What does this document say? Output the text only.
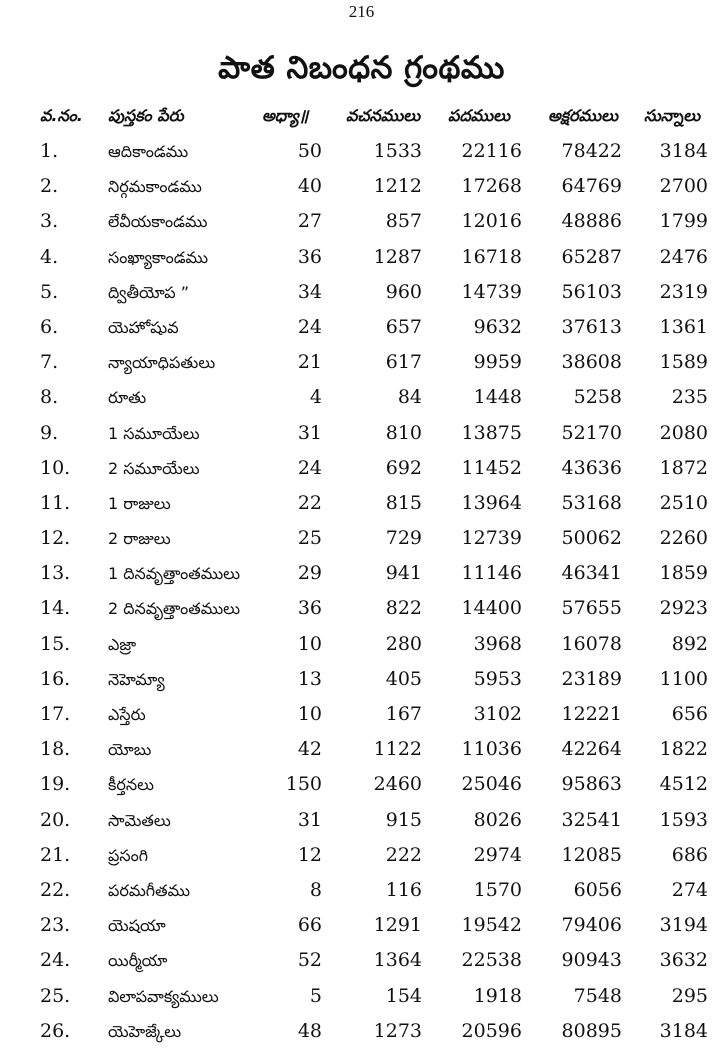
216
పాత నిబంధన గ్రంథము
వ.నం.	పుస్తకం పేరు	అధ్యా॥	వచనములు	పదములు	అక్షరములు	సున్నాలు
1.	ఆదికాండము	50	1533	22116	78422	3184
2.	నిర్గమకాండము	40	1212	17268	64769	2700
3.	లేవీయకాండము	27	857	12016	48886	1799
4.	సంఖ్యాకాండము	36	1287	16718	65287	2476
5.	ద్వితీయోప ”	34	960	14739	56103	2319
6.	యెహోషువ	24	657	9632	37613	1361
7.	న్యాయాధిపతులు	21	617	9959	38608	1589
8.	రూతు	4	84	1448	5258	235
9.	1 సమూయేలు	31	810	13875	52170	2080
10.	2 సమూయేలు	24	692	11452	43636	1872
11.	1 రాజులు	22	815	13964	53168	2510
12.	2 రాజులు	25	729	12739	50062	2260
13.	1 దినవృత్తాంతములు	29	941	11146	46341	1859
14.	2 దినవృత్తాంతములు	36	822	14400	57655	2923
15.	ఎజ్రా	10	280	3968	16078	892
16.	నెహెమ్యా	13	405	5953	23189	1100
17.	ఎస్తేరు	10	167	3102	12221	656
18.	యోబు	42	1122	11036	42264	1822
19.	కీర్తనలు	150	2460	25046	95863	4512
20.	సామెతలు	31	915	8026	32541	1593
21.	ప్రసంగి	12	222	2974	12085	686
22.	పరమగీతము	8	116	1570	6056	274
23.	యెషయా	66	1291	19542	79406	3194
24.	యిర్మీయా	52	1364	22538	90943	3632
25.	విలాపవాక్యములు	5	154	1918	7548	295
26.	యెహెజ్కేలు	48	1273	20596	80895	3184
